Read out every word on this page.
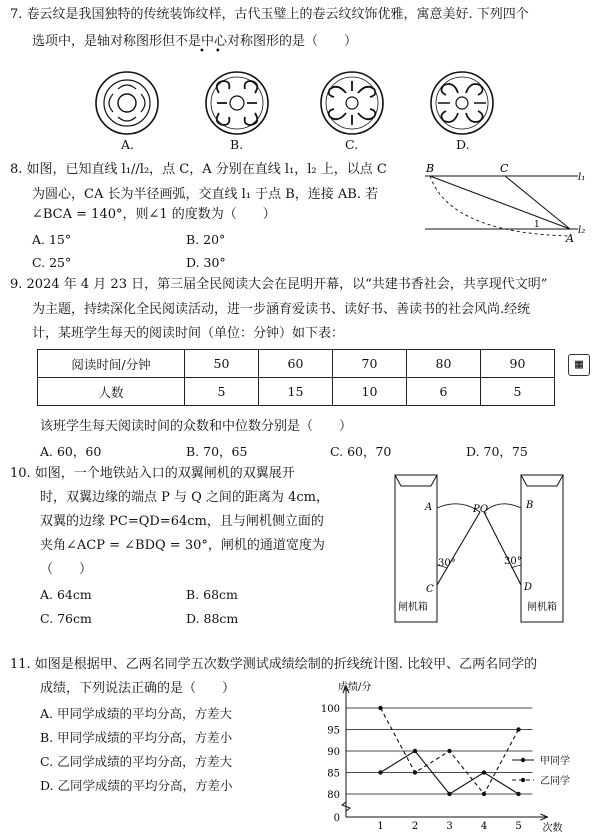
7. 卷云纹是我国独特的传统装饰纹样，古代玉璧上的卷云纹纹饰优雅，寓意美好. 下列四个
选项中，是轴对称图形但不是中心对称图形的是（　　）
•　•
A.	B.	C.	D.
8. 如图，已知直线 l₁//l₂，点 C，A 分别在直线 l₁，l₂ 上，以点 C
为圆心，CA 长为半径画弧，交直线 l₁ 于点 B，连接 AB. 若
∠BCA = 140°，则∠1 的度数为（　　）
A. 15°	B. 20°
C. 25°	D. 30°
B	C
A
l₁
l₂
1
9. 2024 年 4 月 23 日，第三届全民阅读大会在昆明开幕，以“共建书香社会，共享现代文明”
为主题，持续深化全民阅读活动，进一步涵育爱读书、读好书、善读书的社会风尚.经统
计，某班学生每天的阅读时间（单位：分钟）如下表：
阅读时间/分钟	50	60	70	80	90
人数	5	15	10	6	5
▦
该班学生每天阅读时间的众数和中位数分别是（　　）
A. 60，60	B. 70，65	C. 60，70	D. 70，75
10. 如图，一个地铁站入口的双翼闸机的双翼展开
时，双翼边缘的端点 P 与 Q 之间的距离为 4cm，
双翼的边缘 PC=QD=64cm，且与闸机侧立面的
夹角∠ACP = ∠BDQ = 30°，闸机的通道宽度为
（　　）
A. 64cm	B. 68cm
C. 76cm	D. 88cm
A	B
C	D
PQ
30°	30°
闸机箱	闸机箱
11. 如图是根据甲、乙两名同学五次数学测试成绩绘制的折线统计图. 比较甲、乙两名同学的
成绩，下列说法正确的是（　　）
A. 甲同学成绩的平均分高，方差大
B. 甲同学成绩的平均分高，方差小
C. 乙同学成绩的平均分高，方差大
D. 乙同学成绩的平均分高，方差小
0
80
85
90
95
100
1	2	3	4	5
成绩/分
次数
甲同学
乙同学
